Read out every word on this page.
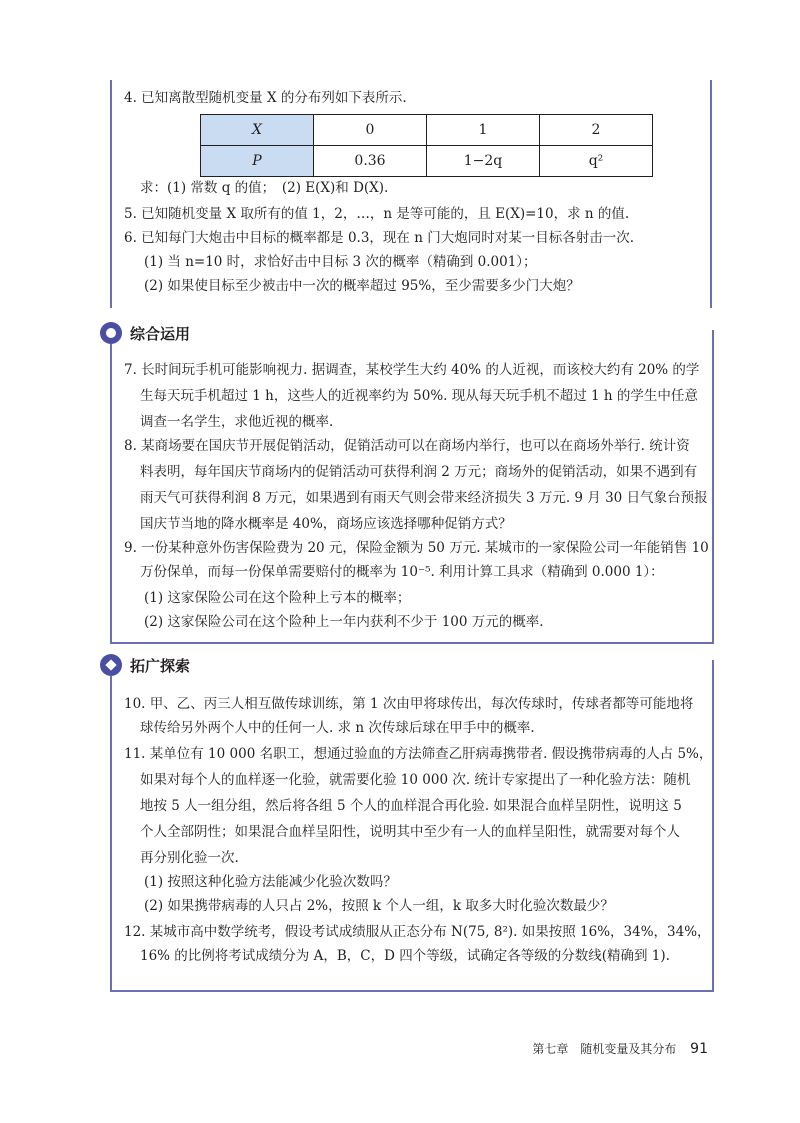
4. 已知离散型随机变量 X 的分布列如下表所示.
X	0	1	2
P	0.36	1−2q	q²
求：(1) 常数 q 的值；　(2) E(X)和 D(X).
5. 已知随机变量 X 取所有的值 1，2，…，n 是等可能的，且 E(X)=10，求 n 的值.
6. 已知每门大炮击中目标的概率都是 0.3，现在 n 门大炮同时对某一目标各射击一次.
(1) 当 n=10 时，求恰好击中目标 3 次的概率（精确到 0.001）；
(2) 如果使目标至少被击中一次的概率超过 95%，至少需要多少门大炮？
综合运用
7. 长时间玩手机可能影响视力. 据调查，某校学生大约 40% 的人近视，而该校大约有 20% 的学
生每天玩手机超过 1 h，这些人的近视率约为 50%. 现从每天玩手机不超过 1 h 的学生中任意
调查一名学生，求他近视的概率.
8. 某商场要在国庆节开展促销活动，促销活动可以在商场内举行，也可以在商场外举行. 统计资
料表明，每年国庆节商场内的促销活动可获得利润 2 万元；商场外的促销活动，如果不遇到有
雨天气可获得利润 8 万元，如果遇到有雨天气则会带来经济损失 3 万元. 9 月 30 日气象台预报
国庆节当地的降水概率是 40%，商场应该选择哪种促销方式？
9. 一份某种意外伤害保险费为 20 元，保险金额为 50 万元. 某城市的一家保险公司一年能销售 10
万份保单，而每一份保单需要赔付的概率为 10⁻⁵. 利用计算工具求（精确到 0.000 1）：
(1) 这家保险公司在这个险种上亏本的概率；
(2) 这家保险公司在这个险种上一年内获利不少于 100 万元的概率.
拓广探索
10. 甲、乙、丙三人相互做传球训练，第 1 次由甲将球传出，每次传球时，传球者都等可能地将
球传给另外两个人中的任何一人. 求 n 次传球后球在甲手中的概率.
11. 某单位有 10 000 名职工，想通过验血的方法筛查乙肝病毒携带者. 假设携带病毒的人占 5%，
如果对每个人的血样逐一化验，就需要化验 10 000 次. 统计专家提出了一种化验方法：随机
地按 5 人一组分组，然后将各组 5 个人的血样混合再化验. 如果混合血样呈阴性，说明这 5
个人全部阴性；如果混合血样呈阳性，说明其中至少有一人的血样呈阳性，就需要对每个人
再分别化验一次.
(1) 按照这种化验方法能减少化验次数吗？
(2) 如果携带病毒的人只占 2%，按照 k 个人一组，k 取多大时化验次数最少？
12. 某城市高中数学统考，假设考试成绩服从正态分布 N(75, 8²). 如果按照 16%，34%，34%，
16% 的比例将考试成绩分为 A，B，C，D 四个等级，试确定各等级的分数线(精确到 1).
第七章　随机变量及其分布 91
